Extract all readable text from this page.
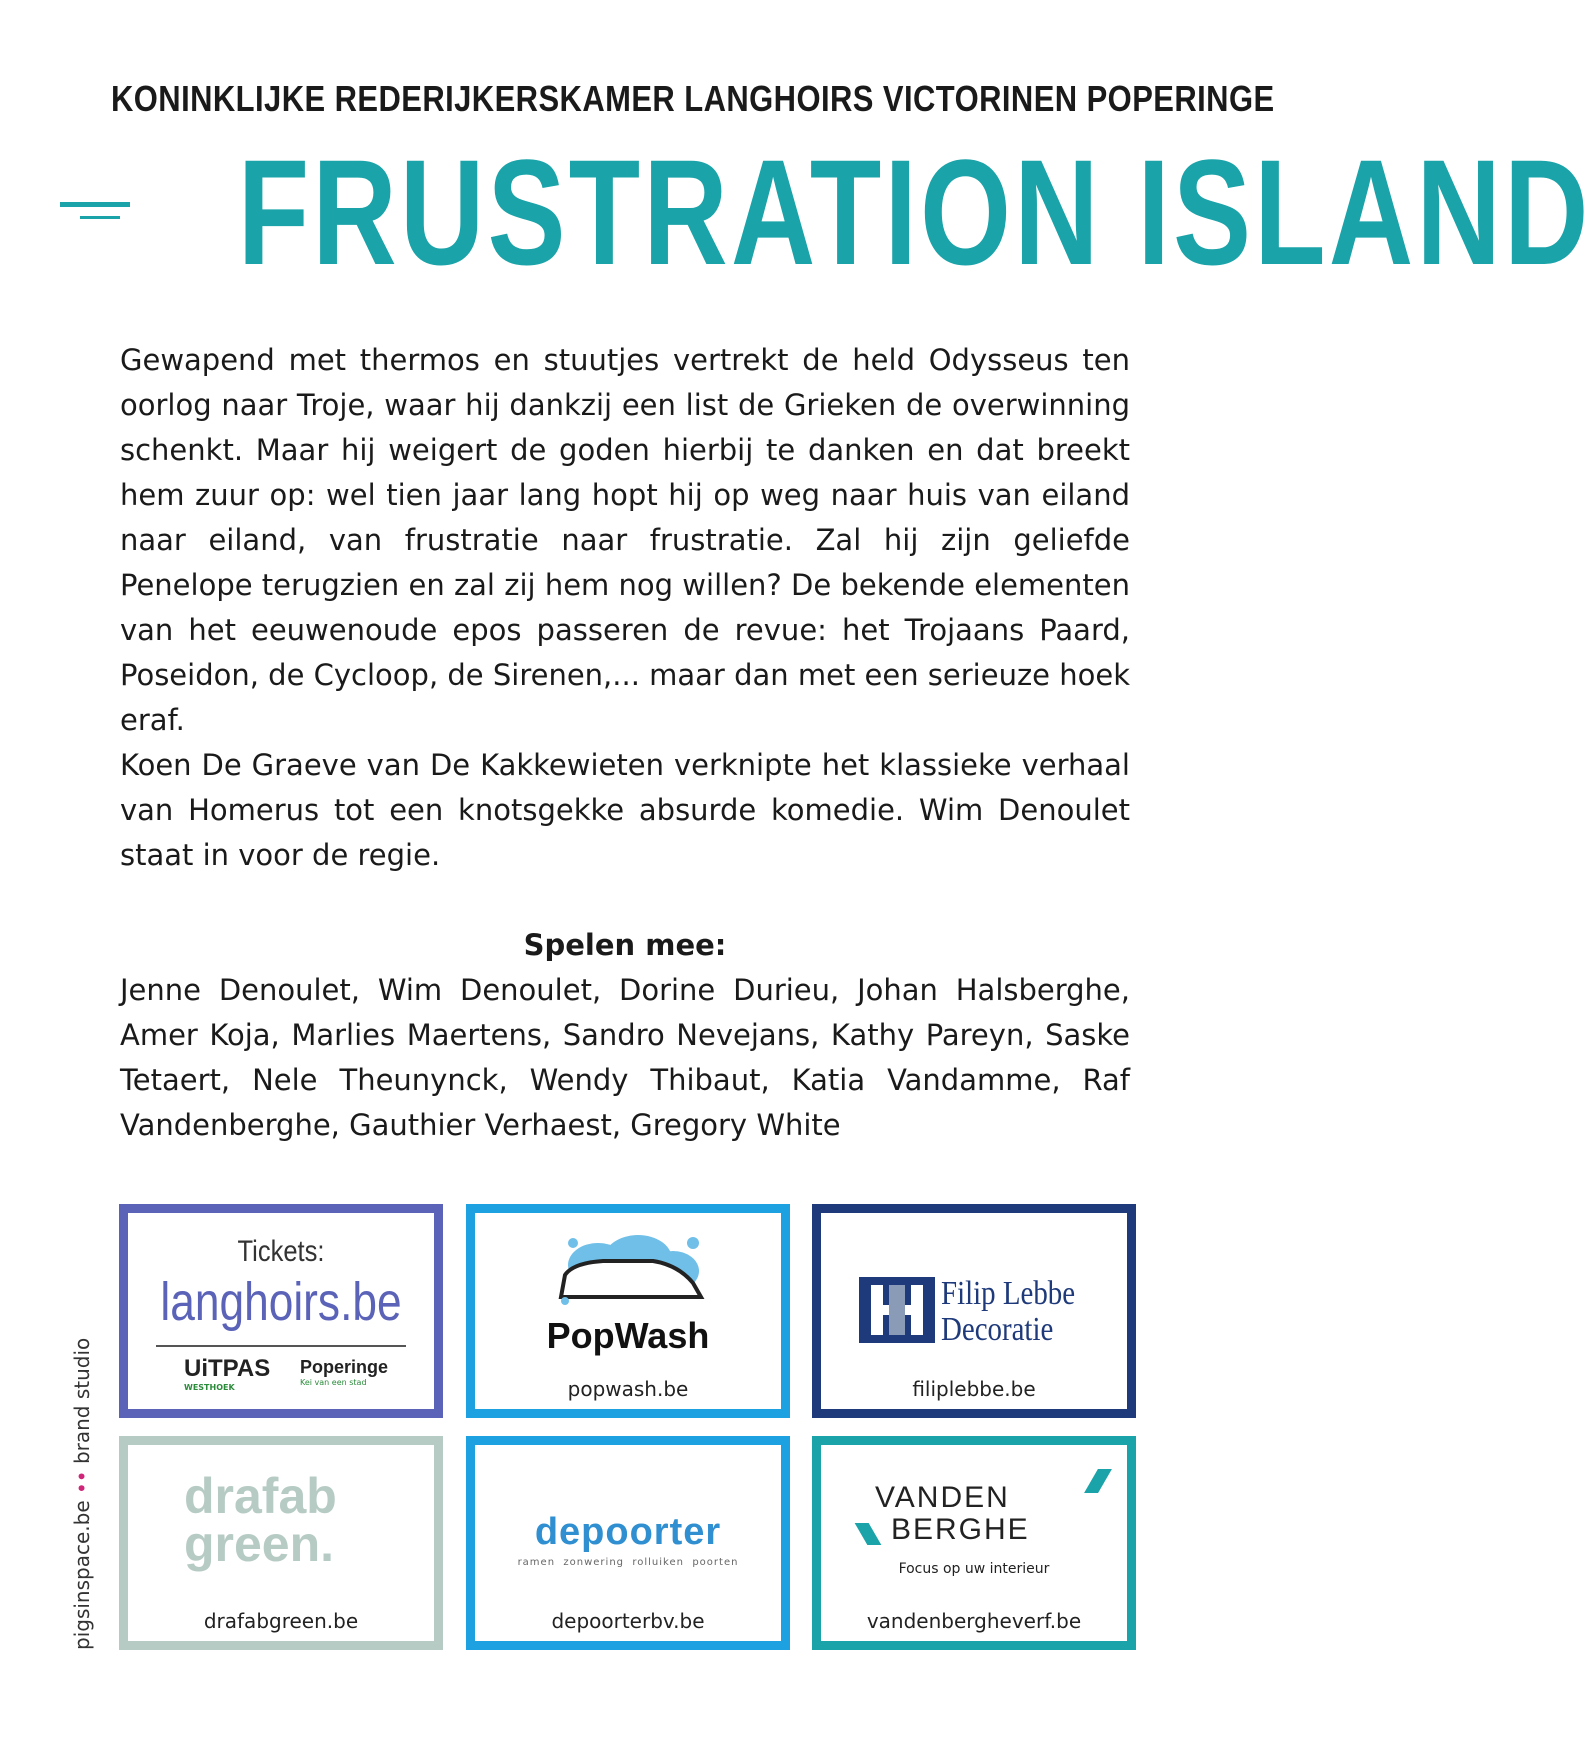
KONINKLIJKE REDERIJKERSKAMER LANGHOIRS VICTORINEN POPERINGE
FRUSTRATION ISLAND

Gewapend met thermos en stuutjes vertrekt de held Odysseus ten oorlog naar Troje, waar hij dankzij een list de Grieken de overwinning schenkt. Maar hij weigert de goden hierbij te danken en dat breekt hem zuur op: wel tien jaar lang hopt hij op weg naar huis van eiland naar eiland, van frustratie naar frustratie. Zal hij zijn geliefde Penelope terugzien en zal zij hem nog willen? De bekende elementen van het eeuwenoude epos passeren de revue: het Trojaans Paard, Poseidon, de Cycloop, de Sirenen,... maar dan met een serieuze hoek eraf.

Koen De Graeve van De Kakkewieten verknipte het klassieke verhaal van Homerus tot een knotsgekke absurde komedie. Wim Denoulet staat in voor de regie.

Spelen mee:
Jenne Denoulet, Wim Denoulet, Dorine Durieu, Johan Halsberghe, Amer Koja, Marlies Maertens, Sandro Nevejans, Kathy Pareyn, Saske Tetaert, Nele Theunynck, Wendy Thibaut, Katia Vandamme, Raf Vandenberghe, Gauthier Verhaest, Gregory White
Tickets:
langhoirs.be
UiTPAS
WESTHOEK
Poperinge
Kei van een stad
PopWash
popwash.be
Filip Lebbe
Decoratie
filiplebbe.be
drafab
green.
drafabgreen.be
depoorter
ramen  zonwering  rolluiken  poorten
depoorterbv.be
VANDEN
BERGHE
Focus op uw interieur
vandenbergheverf.be
pigsinspace.be •• brand studio
